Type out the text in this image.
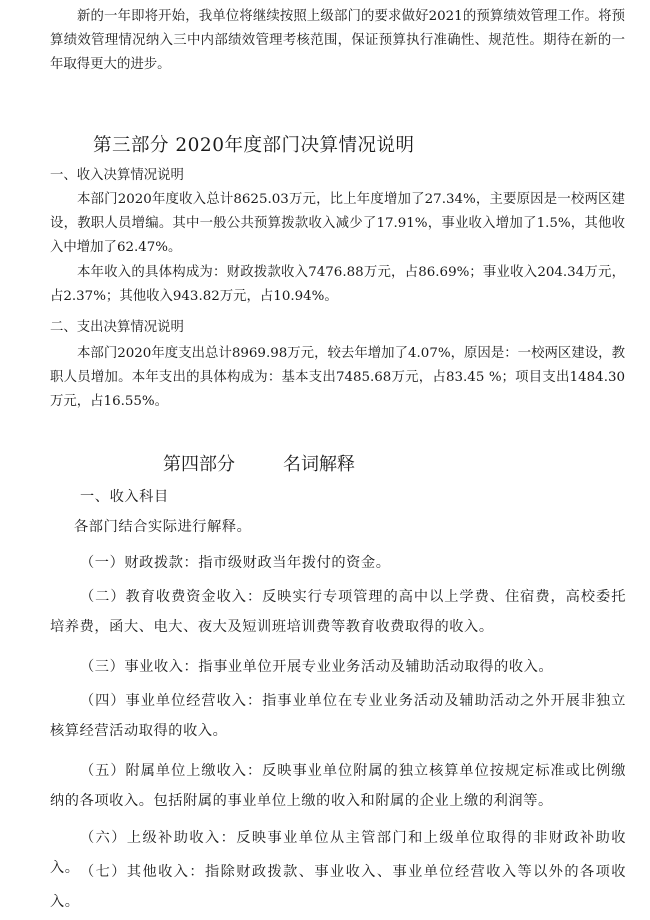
新的一年即将开始，我单位将继续按照上级部门的要求做好2021的预算绩效管理工作。将预算绩效管理情况纳入三中内部绩效管理考核范围，保证预算执行准确性、规范性。期待在新的一年取得更大的进步。

第三部分 2020年度部门决算情况说明

一、收入决算情况说明

本部门2020年度收入总计8625.03万元，比上年度增加了27.34%，主要原因是一校两区建设，教职人员增编。其中一般公共预算拨款收入减少了17.91%，事业收入增加了1.5%，其他收入中增加了62.47%。

本年收入的具体构成为：财政拨款收入7476.88万元，占86.69%；事业收入204.34万元，占2.37%；其他收入943.82万元，占10.94%。

二、支出决算情况说明

本部门2020年度支出总计8969.98万元，较去年增加了4.07%，原因是：一校两区建设，教职人员增加。本年支出的具体构成为：基本支出7485.68万元，占83.45 %；项目支出1484.30万元，占16.55%。

第四部分	名词解释

一、收入科目

各部门结合实际进行解释。

（一）财政拨款：指市级财政当年拨付的资金。

（二）教育收费资金收入：反映实行专项管理的高中以上学费、住宿费，高校委托培养费，函大、电大、夜大及短训班培训费等教育收费取得的收入。

（三）事业收入：指事业单位开展专业业务活动及辅助活动取得的收入。

（四）事业单位经营收入：指事业单位在专业业务活动及辅助活动之外开展非独立核算经营活动取得的收入。

（五）附属单位上缴收入：反映事业单位附属的独立核算单位按规定标准或比例缴纳的各项收入。包括附属的事业单位上缴的收入和附属的企业上缴的利润等。

（六）上级补助收入：反映事业单位从主管部门和上级单位取得的非财政补助收入。 （七）其他收入：指除财政拨款、事业收入、事业单位经营收入等以外的各项收入。
